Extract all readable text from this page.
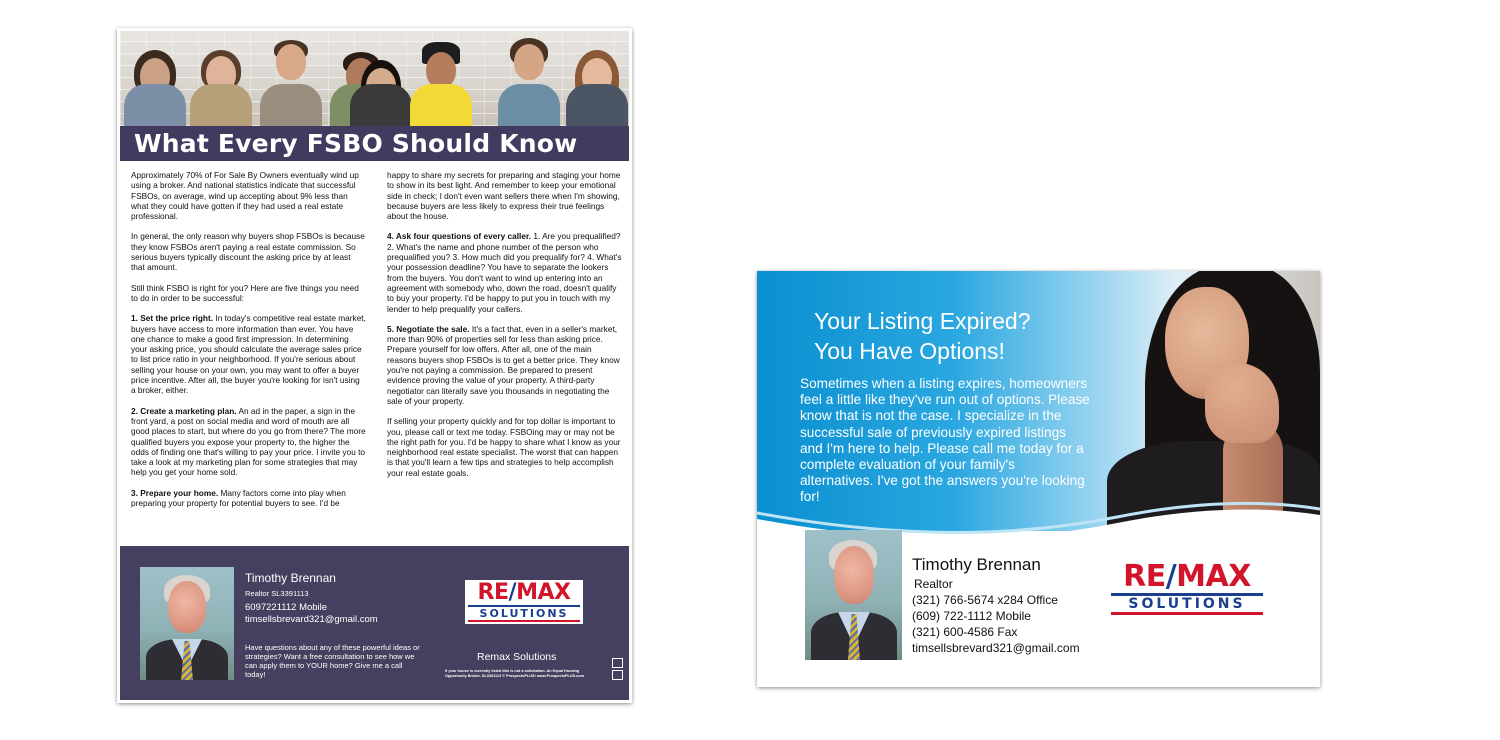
What Every FSBO Should Know

Approximately 70% of For Sale By Owners eventually wind up using a broker. And national statistics indicate that successful FSBOs, on average, wind up accepting about 9% less than what they could have gotten if they had used a real estate professional.

In general, the only reason why buyers shop FSBOs is because they know FSBOs aren't paying a real estate commission. So serious buyers typically discount the asking price by at least that amount.

Still think FSBO is right for you? Here are five things you need to do in order to be successful:

1. Set the price right. In today's competitive real estate market, buyers have access to more information than ever. You have one chance to make a good first impression. In determining your asking price, you should calculate the average sales price to list price ratio in your neighborhood. If you're serious about selling your house on your own, you may want to offer a buyer price incentive. After all, the buyer you're looking for isn't using a broker, either.

2. Create a marketing plan. An ad in the paper, a sign in the front yard, a post on social media and word of mouth are all good places to start, but where do you go from there? The more qualified buyers you expose your property to, the higher the odds of finding one that's willing to pay your price. I invite you to take a look at my marketing plan for some strategies that may help you get your home sold.

3. Prepare your home. Many factors come into play when preparing your property for potential buyers to see. I'd be

happy to share my secrets for preparing and staging your home to show in its best light. And remember to keep your emotional side in check; I don't even want sellers there when I'm showing, because buyers are less likely to express their true feelings about the house.

4. Ask four questions of every caller. 1. Are you prequalified? 2. What's the name and phone number of the person who prequalified you? 3. How much did you prequalify for? 4. What's your possession deadline? You have to separate the lookers from the buyers. You don't want to wind up entering into an agreement with somebody who, down the road, doesn't qualify to buy your property. I'd be happy to put you in touch with my lender to help prequalify your callers.

5. Negotiate the sale. It's a fact that, even in a seller's market, more than 90% of properties sell for less than asking price. Prepare yourself for low offers. After all, one of the main reasons buyers shop FSBOs is to get a better price. They know you're not paying a commission. Be prepared to present evidence proving the value of your property. A third-party negotiator can literally save you thousands in negotiating the sale of your property.

If selling your property quickly and for top dollar is important to you, please call or text me today. FSBOing may or may not be the right path for you. I'd be happy to share what I know as your neighborhood real estate specialist. The worst that can happen is that you'll learn a few tips and strategies to help accomplish your real estate goals.

Timothy Brennan
Realtor SL3391113
6097221112 Mobile
timsellsbrevard321@gmail.com
Have questions about any of these powerful ideas or strategies? Want a free consultation to see how we can apply them to YOUR home? Give me a call today!
RE/MAX
SOLUTIONS
Remax Solutions
If your house is currently listed this is not a solicitation. An Equal Housing
Opportunity Broker. SL3391113 © ProspectsPLUS! www.ProspectsPLUS.com
Your Listing Expired?
You Have Options!
Sometimes when a listing expires, homeowners feel a little like they've run out of options. Please know that is not the case. I specialize in the successful sale of previously expired listings and I'm here to help. Please call me today for a complete evaluation of your family's alternatives. I've got the answers you're looking for!
Timothy Brennan
Realtor
(321) 766-5674 x284 Office
(609) 722-1112 Mobile
(321) 600-4586 Fax
timsellsbrevard321@gmail.com
RE/MAX
SOLUTIONS
